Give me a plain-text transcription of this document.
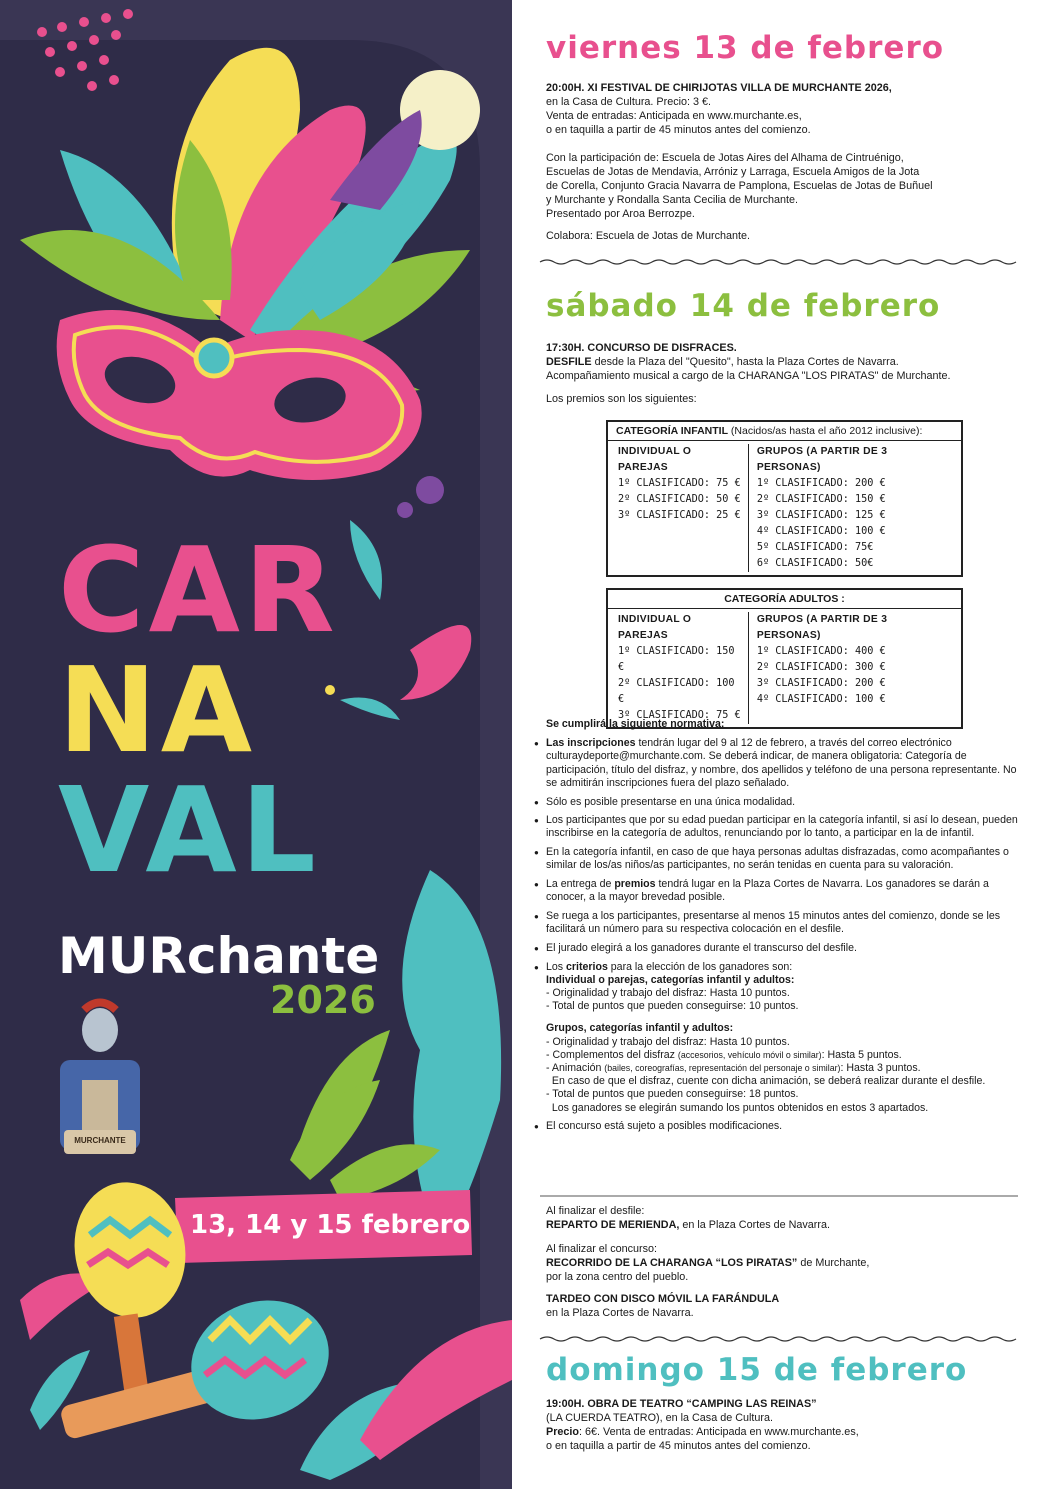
CAR
NA
VAL
MURchante
2026
13, 14 y 15 febrero
MURCHANTE
viernes 13 de febrero

20:00H. XI FESTIVAL DE CHIRIJOTAS VILLA DE MURCHANTE 2026,

en la Casa de Cultura. Precio: 3 €.

Venta de entradas: Anticipada en www.murchante.es,

o en taquilla a partir de 45 minutos antes del comienzo.

Con la participación de: Escuela de Jotas Aires del Alhama de Cintruénigo,

Escuelas de Jotas de Mendavia, Arróniz y Larraga, Escuela Amigos de la Jota

de Corella, Conjunto Gracia Navarra de Pamplona, Escuelas de Jotas de Buñuel

y Murchante y Rondalla Santa Cecilia de Murchante.

Presentado por Aroa Berrozpe.

Colabora: Escuela de Jotas de Murchante.

sábado 14 de febrero

17:30H. CONCURSO DE DISFRACES.

DESFILE desde la Plaza del "Quesito", hasta la Plaza Cortes de Navarra.

Acompañamiento musical a cargo de la CHARANGA "LOS PIRATAS" de Murchante.

Los premios son los siguientes:

CATEGORÍA INFANTIL (Nacidos/as hasta el año 2012 inclusive):
INDIVIDUAL O PAREJAS
1º CLASIFICADO: 75 €
2º CLASIFICADO: 50 €
3º CLASIFICADO: 25 €
GRUPOS (A PARTIR DE 3 PERSONAS)
1º CLASIFICADO: 200 €
2º CLASIFICADO: 150 €
3º CLASIFICADO: 125 €
4º CLASIFICADO: 100 €
5º CLASIFICADO: 75€
6º CLASIFICADO: 50€
CATEGORÍA ADULTOS :
INDIVIDUAL O PAREJAS
1º CLASIFICADO: 150 €
2º CLASIFICADO: 100 €
3º CLASIFICADO: 75 €
GRUPOS (A PARTIR DE 3 PERSONAS)
1º CLASIFICADO: 400 €
2º CLASIFICADO: 300 €
3º CLASIFICADO: 200 €
4º CLASIFICADO: 100 €

Se cumplirá la siguiente normativa:

● Las inscripciones tendrán lugar del 9 al 12 de febrero, a través del correo electrónico culturaydeporte@murchante.com. Se deberá indicar, de manera obligatoria: Categoría de participación, título del disfraz, y nombre, dos apellidos y teléfono de una persona representante. No se admitirán inscripciones fuera del plazo señalado.
● Sólo es posible presentarse en una única modalidad.
● Los participantes que por su edad puedan participar en la categoría infantil, si así lo desean, pueden inscribirse en la categoría de adultos, renunciando por lo tanto, a participar en la de infantil.
● En la categoría infantil, en caso de que haya personas adultas disfrazadas, como acompañantes o similar de los/as niños/as participantes, no serán tenidas en cuenta para su valoración.
● La entrega de premios tendrá lugar en la Plaza Cortes de Navarra. Los ganadores se darán a conocer, a la mayor brevedad posible.
● Se ruega a los participantes, presentarse al menos 15 minutos antes del comienzo, donde se les facilitará un número para su respectiva colocación en el desfile.
● El jurado elegirá a los ganadores durante el transcurso del desfile.

● Los criterios para la elección de los ganadores son:

Individual o parejas, categorías infantil y adultos:

- Originalidad y trabajo del disfraz: Hasta 10 puntos.

- Total de puntos que pueden conseguirse: 10 puntos.

Grupos, categorías infantil y adultos:

- Originalidad y trabajo del disfraz: Hasta 10 puntos.

- Complementos del disfraz (accesorios, vehículo móvil o similar): Hasta 5 puntos.

- Animación (bailes, coreografías, representación del personaje o similar): Hasta 3 puntos.

En caso de que el disfraz, cuente con dicha animación, se deberá realizar durante el desfile.

- Total de puntos que pueden conseguirse: 18 puntos.

Los ganadores se elegirán sumando los puntos obtenidos en estos 3 apartados.

● El concurso está sujeto a posibles modificaciones.

Al finalizar el desfile:

REPARTO DE MERIENDA, en la Plaza Cortes de Navarra.

Al finalizar el concurso:

RECORRIDO DE LA CHARANGA “LOS PIRATAS” de Murchante,

por la zona centro del pueblo.

TARDEO CON DISCO MÓVIL LA FARÁNDULA

en la Plaza Cortes de Navarra.

domingo 15 de febrero

19:00H. OBRA DE TEATRO “CAMPING LAS REINAS”

(LA CUERDA TEATRO), en la Casa de Cultura.

Precio: 6€. Venta de entradas: Anticipada en www.murchante.es,

o en taquilla a partir de 45 minutos antes del comienzo.
